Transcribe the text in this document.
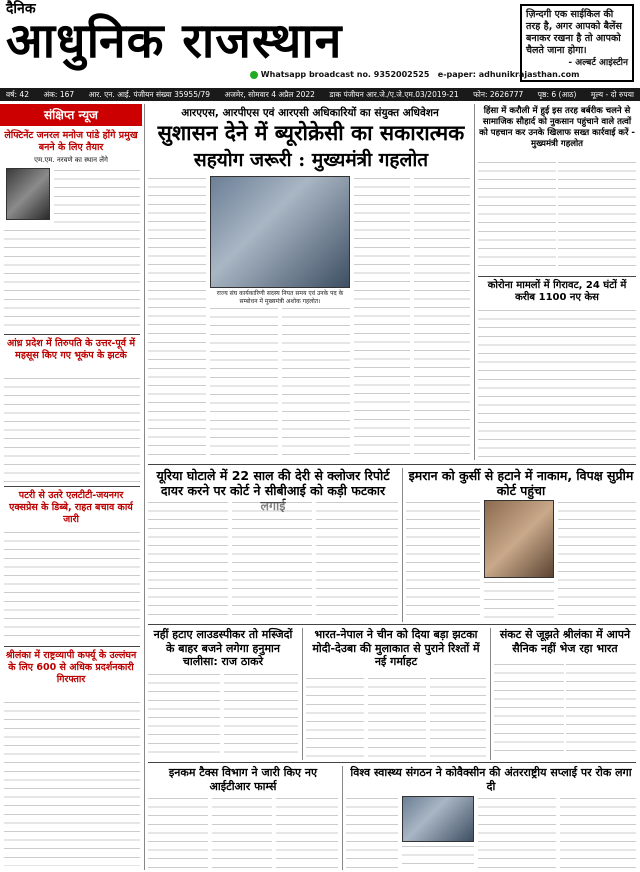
दैनिक
आधुनिक राजस्थान	ज़िन्दगी एक साईकिल की तरह है, अगर आपको बैलेंस बनाकर रखना है तो आपको चैलते जाना होगा।
- अल्बर्ट आइंस्टीन
Whatsapp broadcast no. 9352002525 e-paper: adhunikrajasthan.com
वर्ष: 42 अंक: 167 आर. एन. आई. पंजीयन संख्या 35955/79 अजमेर, सोमवार 4 अप्रैल 2022 डाक पंजीयन आर.जे./ए.जे.एम.03/2019-21 फोन: 2626777 पृष्ठ: 6 (आठ) मूल्य - दो रुपया
संक्षिप्त न्यूज
लेफ्टिनेंट जनरल मनोज पांडे होंगे प्रमुख बनने के लिए तैयार
एम.एम. नरवणे का स्थान लेंगे
आंध्र प्रदेश में तिरुपति के उत्तर-पूर्व में महसूस किए गए भूकंप के झटके
पटरी से उतरे एलटीटी-जयनगर एक्सप्रेस के डिब्बे, राहत बचाव कार्य जारी
श्रीलंका में राष्ट्रव्यापी कर्फ्यू के उल्लंघन के लिए 600 से अधिक प्रदर्शनकारी गिरफ्तार
आरएएस, आरपीएस एवं आरएसी अधिकारियों का संयुक्त अधिवेशन
सुशासन देने में ब्यूरोक्रेसी का सकारात्मक
सहयोग जरूरी : मुख्यमंत्री गहलोत
राज्य संघ कार्यकारिणी सदस्य नियत समय एवं उनके पद के सम्बोधन में मुख्यमंत्री अशोक गहलोत।
हिंसा में करौली में हुई इस तरह बर्बरीक चलने से सामाजिक सौहार्द को नुकसान पहुंचाने वाले तत्वों को पहचान कर उनके खिलाफ सख्त कार्रवाई करें - मुख्यमंत्री गहलोत
कोरोना मामलों में गिरावट, 24 घंटों में करीब 1100 नए केस
यूरिया घोटाले में 22 साल की देरी से क्लोजर रिपोर्ट दायर करने पर कोर्ट ने सीबीआई को कड़ी फटकार
इमरान को कुर्सी से हटाने में नाकाम, विपक्ष सुप्रीम कोर्ट पहुंचा
नहीं हटाए लाउडस्पीकर तो मस्जिदों के बाहर बजने लगेगा हनुमान चालीसा: राज ठाकरे
भारत-नेपाल ने चीन को दिया बड़ा झटका मोदी-देउबा की मुलाकात से पुराने रिश्तों में नई गर्माहट
संकट से जूझते श्रीलंका में आपने सैनिक नहीं भेज रहा भारत
इनकम टैक्स विभाग ने जारी किए नए आईटीआर फार्म्स
विश्व स्वास्थ्य संगठन ने कोवैक्सीन की अंतरराष्ट्रीय सप्लाई पर रोक लगा दी
